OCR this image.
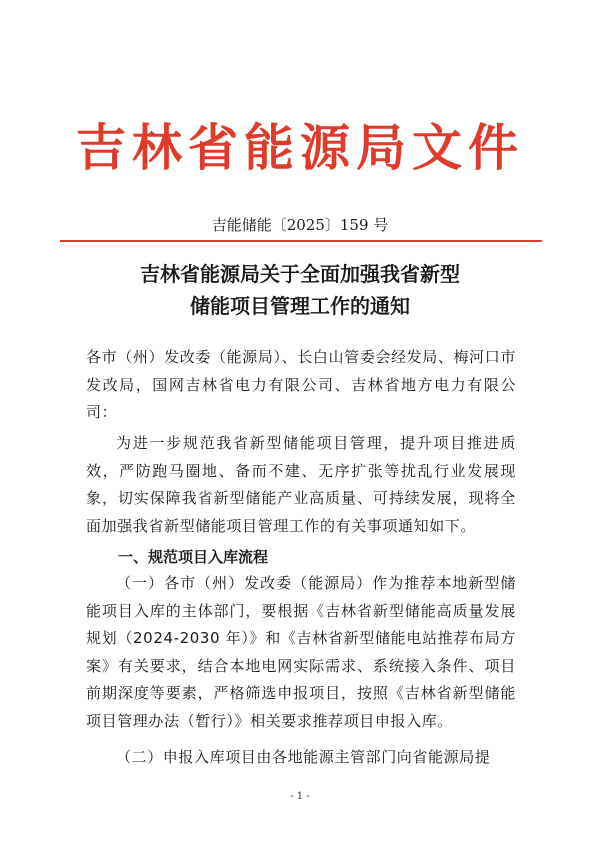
吉林省能源局文件
吉能储能〔2025〕159 号
吉林省能源局关于全面加强我省新型
储能项目管理工作的通知
各市（州）发改委（能源局）、长白山管委会经发局、梅河口市发改局，国网吉林省电力有限公司、吉林省地方电力有限公司：
为进一步规范我省新型储能项目管理，提升项目推进质效，严防跑马圈地、备而不建、无序扩张等扰乱行业发展现象，切实保障我省新型储能产业高质量、可持续发展，现将全面加强我省新型储能项目管理工作的有关事项通知如下。
一、规范项目入库流程
（一）各市（州）发改委（能源局）作为推荐本地新型储能项目入库的主体部门，要根据《吉林省新型储能高质量发展规划（2024-2030 年）》和《吉林省新型储能电站推荐布局方案》有关要求，结合本地电网实际需求、系统接入条件、项目前期深度等要素，严格筛选申报项目，按照《吉林省新型储能项目管理办法（暂行）》相关要求推荐项目申报入库。
（二）申报入库项目由各地能源主管部门向省能源局提
- 1 -
